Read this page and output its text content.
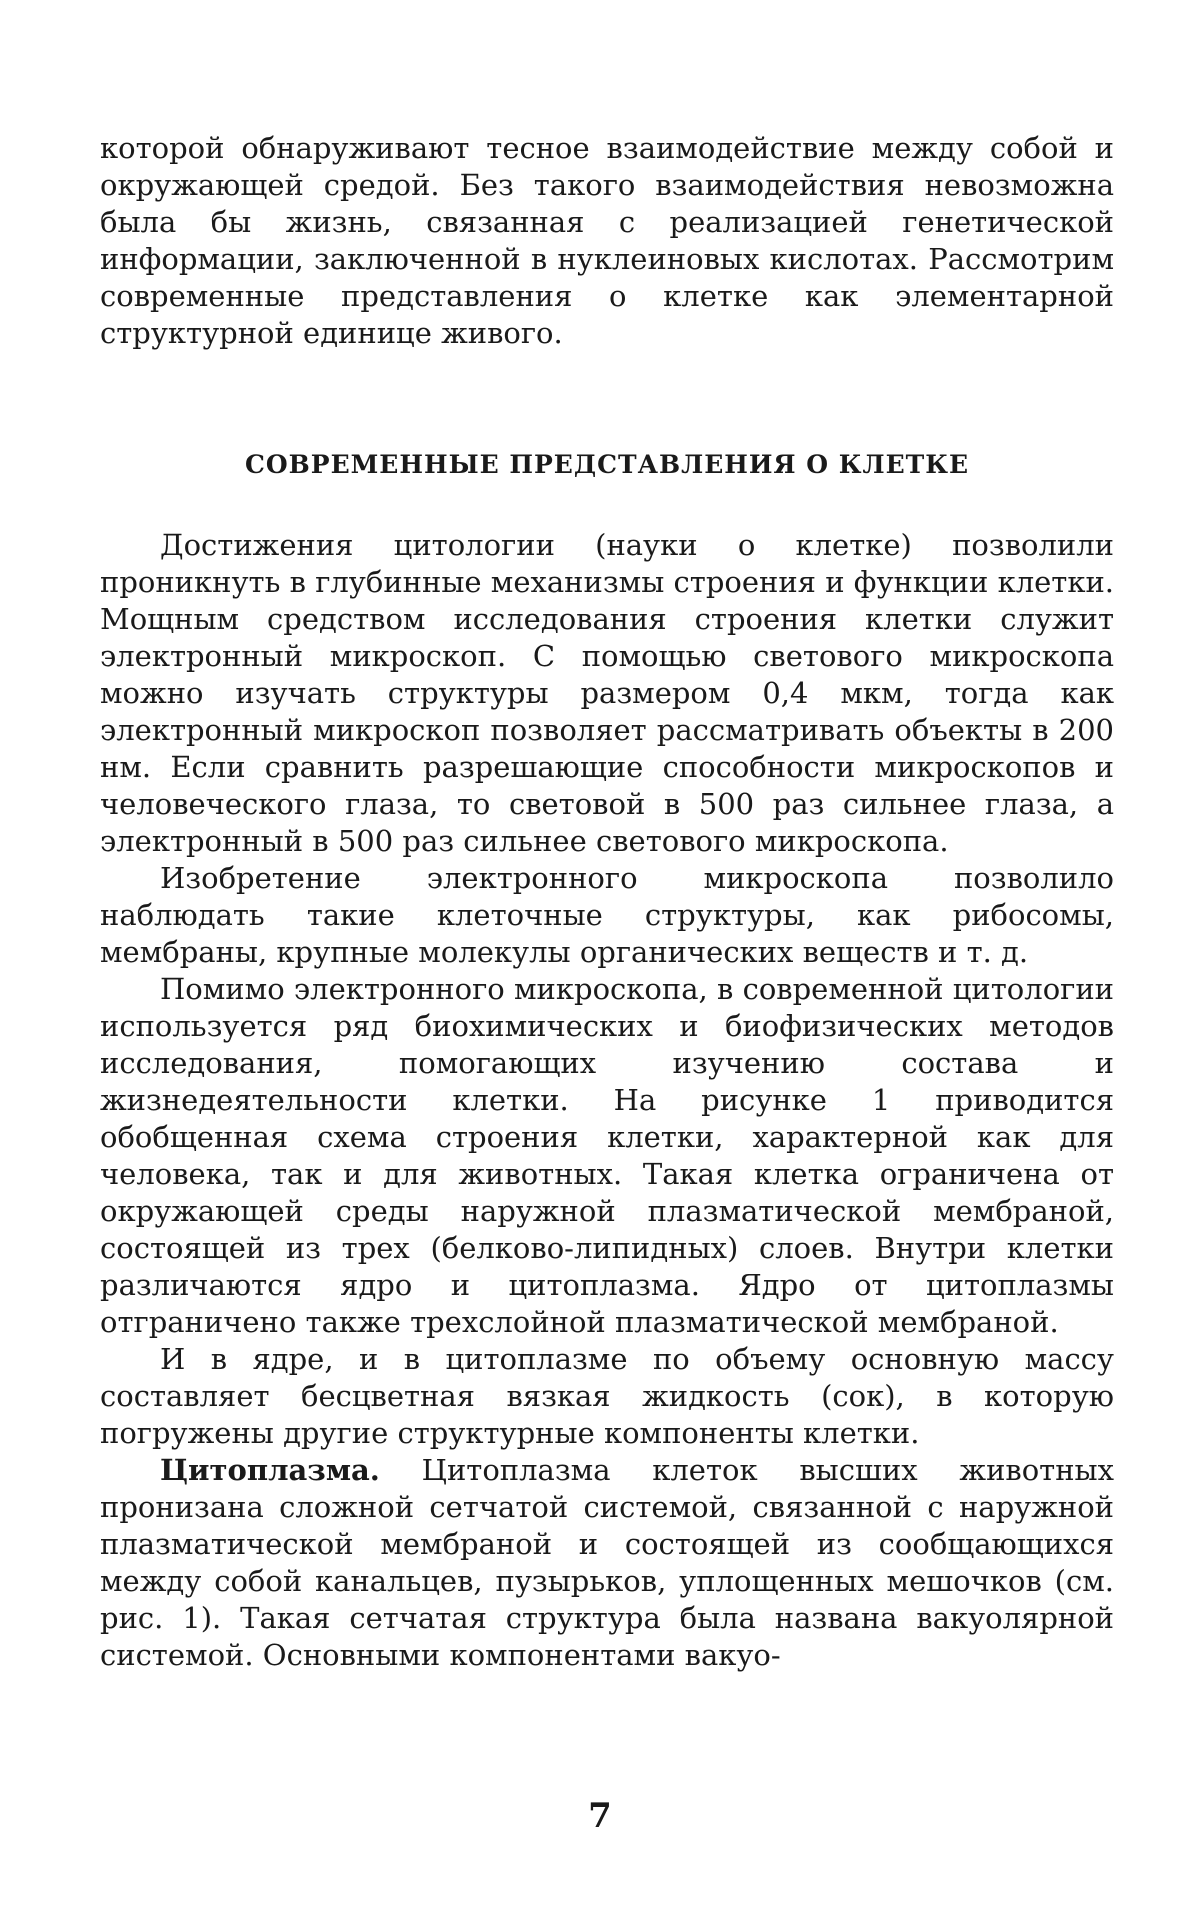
которой обнаруживают тесное взаимодействие между собой и окружающей средой. Без такого взаимодействия невозможна была бы жизнь, связанная с реализацией генетической информации, заключенной в нуклеиновых кислотах. Рассмотрим современные представления о клетке как элементарной структурной единице живого.

СОВРЕМЕННЫЕ ПРЕДСТАВЛЕНИЯ О КЛЕТКЕ

Достижения цитологии (науки о клетке) позволили проникнуть в глубинные механизмы строения и функции клетки. Мощным средством исследования строения клетки служит электронный микроскоп. С помощью светового микроскопа можно изучать структуры размером 0,4 мкм, тогда как электронный микроскоп позволяет рассматривать объекты в 200 нм. Если сравнить разрешающие способности микроскопов и человеческого глаза, то световой в 500 раз сильнее глаза, а электронный в 500 раз сильнее светового микроскопа.

Изобретение электронного микроскопа позволило наблюдать такие клеточные структуры, как рибосомы, мембраны, крупные молекулы органических веществ и т. д.

Помимо электронного микроскопа, в современной цитологии используется ряд биохимических и биофизических методов исследования, помогающих изучению состава и жизнедеятельности клетки. На рисунке 1 приводится обобщенная схема строения клетки, характерной как для человека, так и для животных. Такая клетка ограничена от окружающей среды наружной плазматической мембраной, состоящей из трех (белково-липидных) слоев. Внутри клетки различаются ядро и цитоплазма. Ядро от цитоплазмы отграничено также трехслойной плазматической мембраной.

И в ядре, и в цитоплазме по объему основную массу составляет бесцветная вязкая жидкость (сок), в которую погружены другие структурные компоненты клетки.

Цитоплазма. Цитоплазма клеток высших животных пронизана сложной сетчатой системой, связанной с наружной плазматической мембраной и состоящей из сообщающихся между собой канальцев, пузырьков, уплощенных мешочков (см. рис. 1). Такая сетчатая структура была названа вакуолярной системой. Основными компонентами вакуо-

7
